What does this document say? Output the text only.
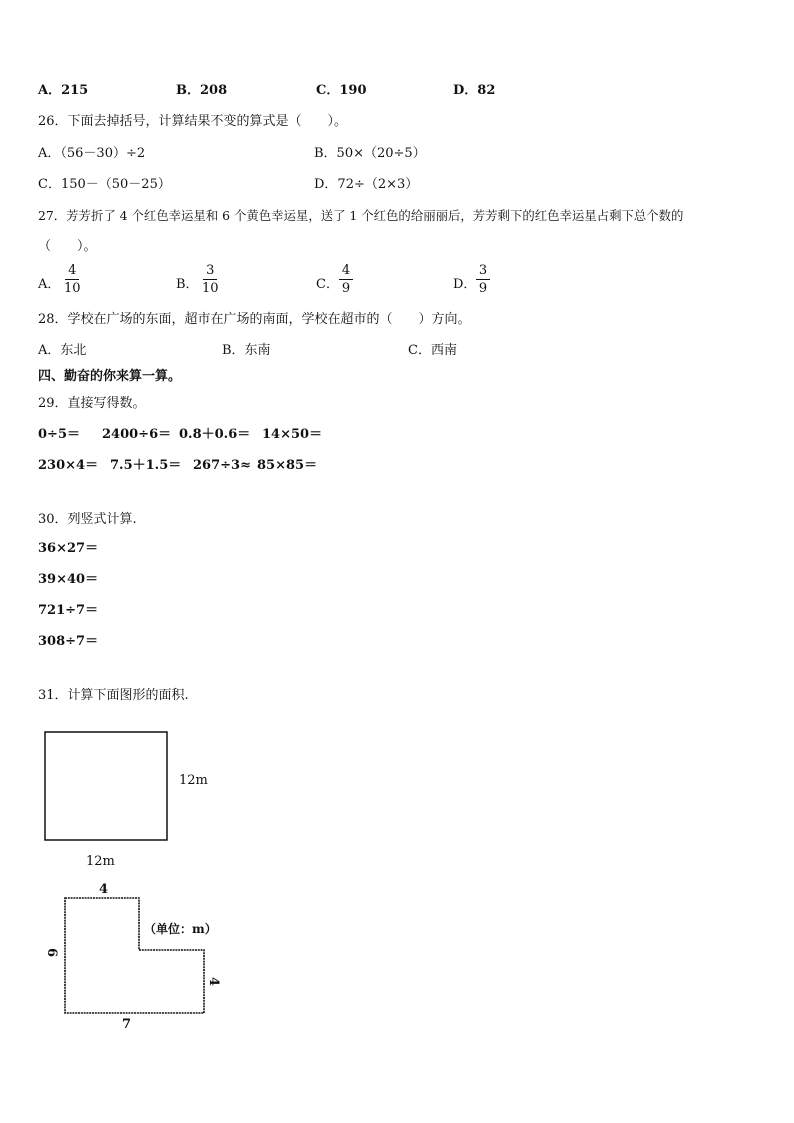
A．215	B．208	C．190	D．82
26．下面去掉括号，计算结果不变的算式是（　　）。
A．（56－30）÷2	B．50×（20÷5）
C．150－（50－25）	D．72÷（2×3）
27．芳芳折了 4 个红色幸运星和 6 个黄色幸运星，送了 1 个红色的给丽丽后，芳芳剩下的红色幸运星占剩下总个数的
（　　）。
A．
4
10	B．
3
10	C．
4
9	D．
3
9
28．学校在广场的东面，超市在广场的南面，学校在超市的（　　）方向。
A．东北	B．东南	C．西南
四、勤奋的你来算一算。
29．直接写得数。
0÷5＝ 2400÷6＝ 0.8＋0.6＝ 14×50＝
230×4＝ 7.5＋1.5＝ 267÷3≈ 85×85＝
30．列竖式计算.
36×27＝
39×40＝
721÷7＝
308÷7＝
31．计算下面图形的面积.
12m
12m
4
6
4
7
（单位：m）
